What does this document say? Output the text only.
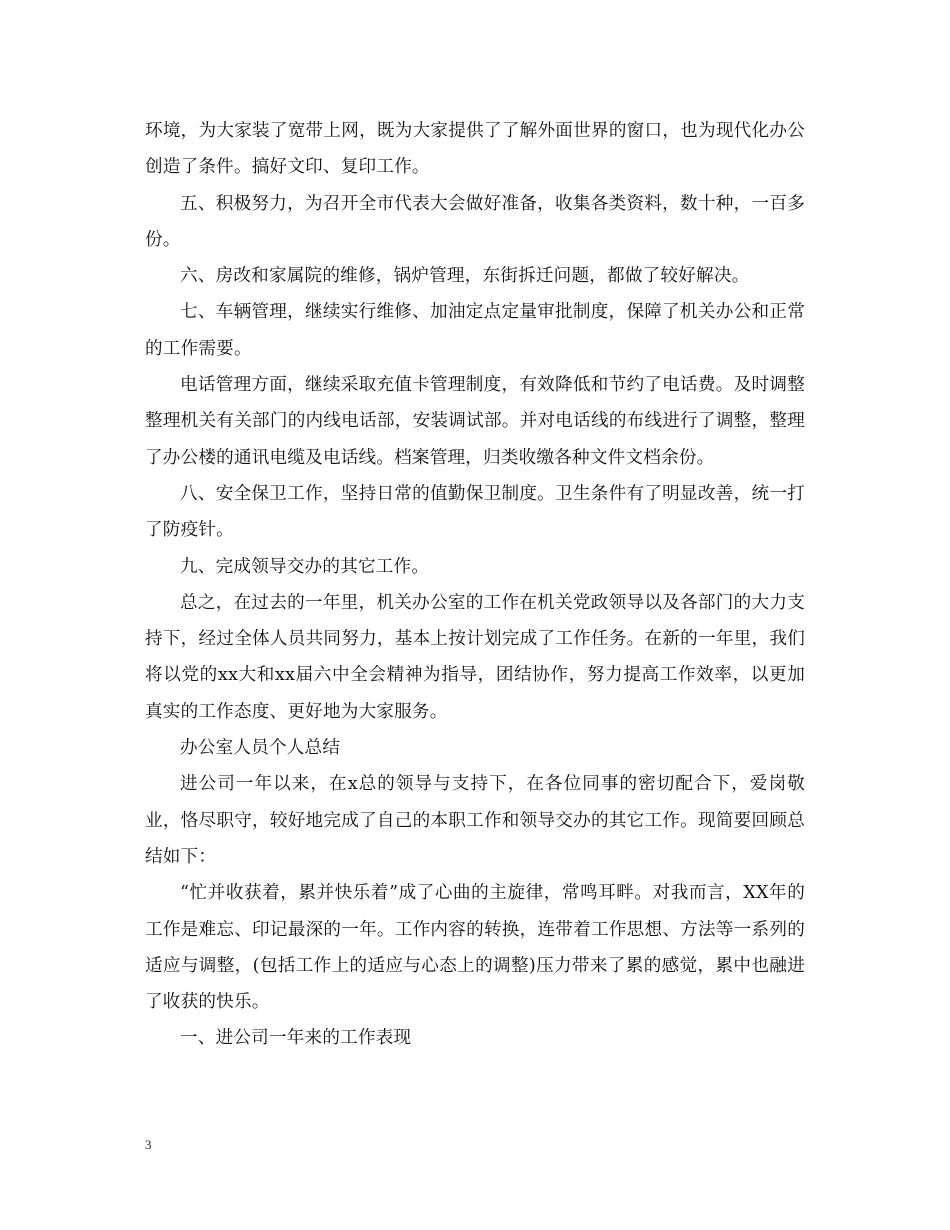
环境，为大家装了宽带上网，既为大家提供了了解外面世界的窗口，也为现代化办公创造了条件。搞好文印、复印工作。

五、积极努力，为召开全市代表大会做好准备，收集各类资料，数十种，一百多份。

六、房改和家属院的维修，锅炉管理，东街拆迁问题，都做了较好解决。

七、车辆管理，继续实行维修、加油定点定量审批制度，保障了机关办公和正常的工作需要。

电话管理方面，继续采取充值卡管理制度，有效降低和节约了电话费。及时调整整理机关有关部门的内线电话部，安装调试部。并对电话线的布线进行了调整，整理了办公楼的通讯电缆及电话线。档案管理，归类收缴各种文件文档余份。

八、安全保卫工作，坚持日常的值勤保卫制度。卫生条件有了明显改善，统一打了防疫针。

九、完成领导交办的其它工作。

总之，在过去的一年里，机关办公室的工作在机关党政领导以及各部门的大力支持下，经过全体人员共同努力，基本上按计划完成了工作任务。在新的一年里，我们将以党的xx大和xx届六中全会精神为指导，团结协作，努力提高工作效率，以更加真实的工作态度、更好地为大家服务。

办公室人员个人总结

进公司一年以来，在x总的领导与支持下，在各位同事的密切配合下，爱岗敬业，恪尽职守，较好地完成了自己的本职工作和领导交办的其它工作。现简要回顾总结如下：

“忙并收获着，累并快乐着”成了心曲的主旋律，常鸣耳畔。对我而言，XX年的工作是难忘、印记最深的一年。工作内容的转换，连带着工作思想、方法等一系列的适应与调整，(包括工作上的适应与心态上的调整)压力带来了累的感觉，累中也融进了收获的快乐。

一、进公司一年来的工作表现

3
